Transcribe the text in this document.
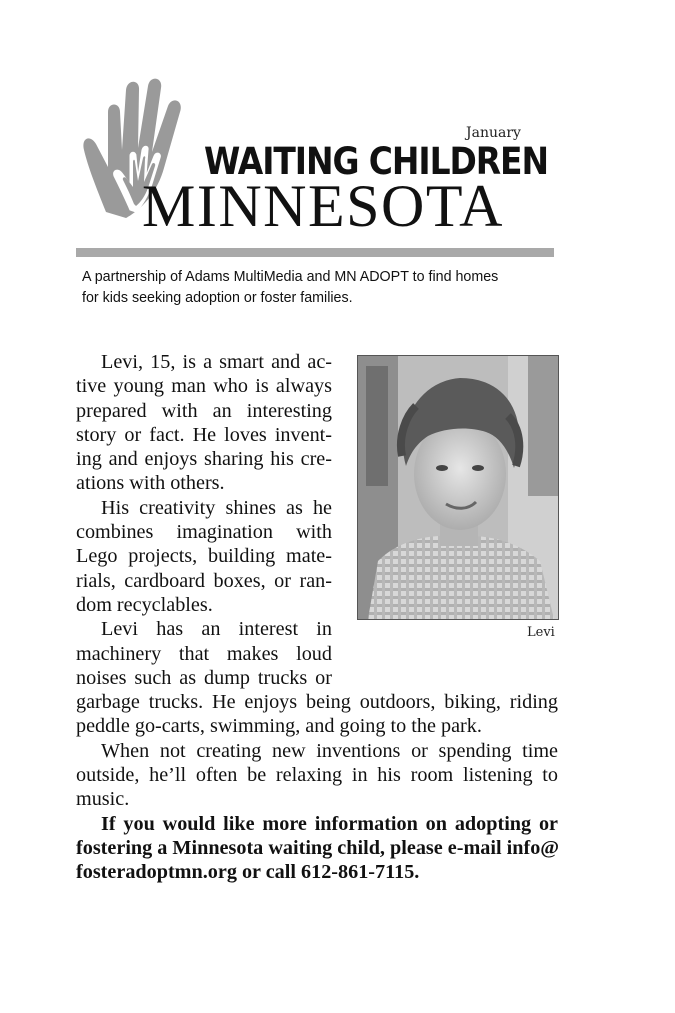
January
WAITING CHILDREN
MINNESOTA
A partnership of Adams MultiMedia and MN ADOPT to find homes
for kids seeking adoption or foster families.
Levi
Levi, 15, is a smart and ac-
tive young man who is always
prepared with an interesting
story or fact. He loves invent-
ing and enjoys sharing his cre-
ations with others.
His creativity shines as he
combines imagination with
Lego projects, building mate-
rials, cardboard boxes, or ran-
dom recyclables.
Levi has an interest in
machinery that makes loud
noises such as dump trucks or
garbage trucks. He enjoys being outdoors, biking, riding
peddle go-carts, swimming, and going to the park.
When not creating new inventions or spending time
outside, he’ll often be relaxing in his room listening to
music.
If you would like more information on adopting or
fostering a Minnesota waiting child, please e-mail info@
fosteradoptmn.org or call 612-861-7115.
